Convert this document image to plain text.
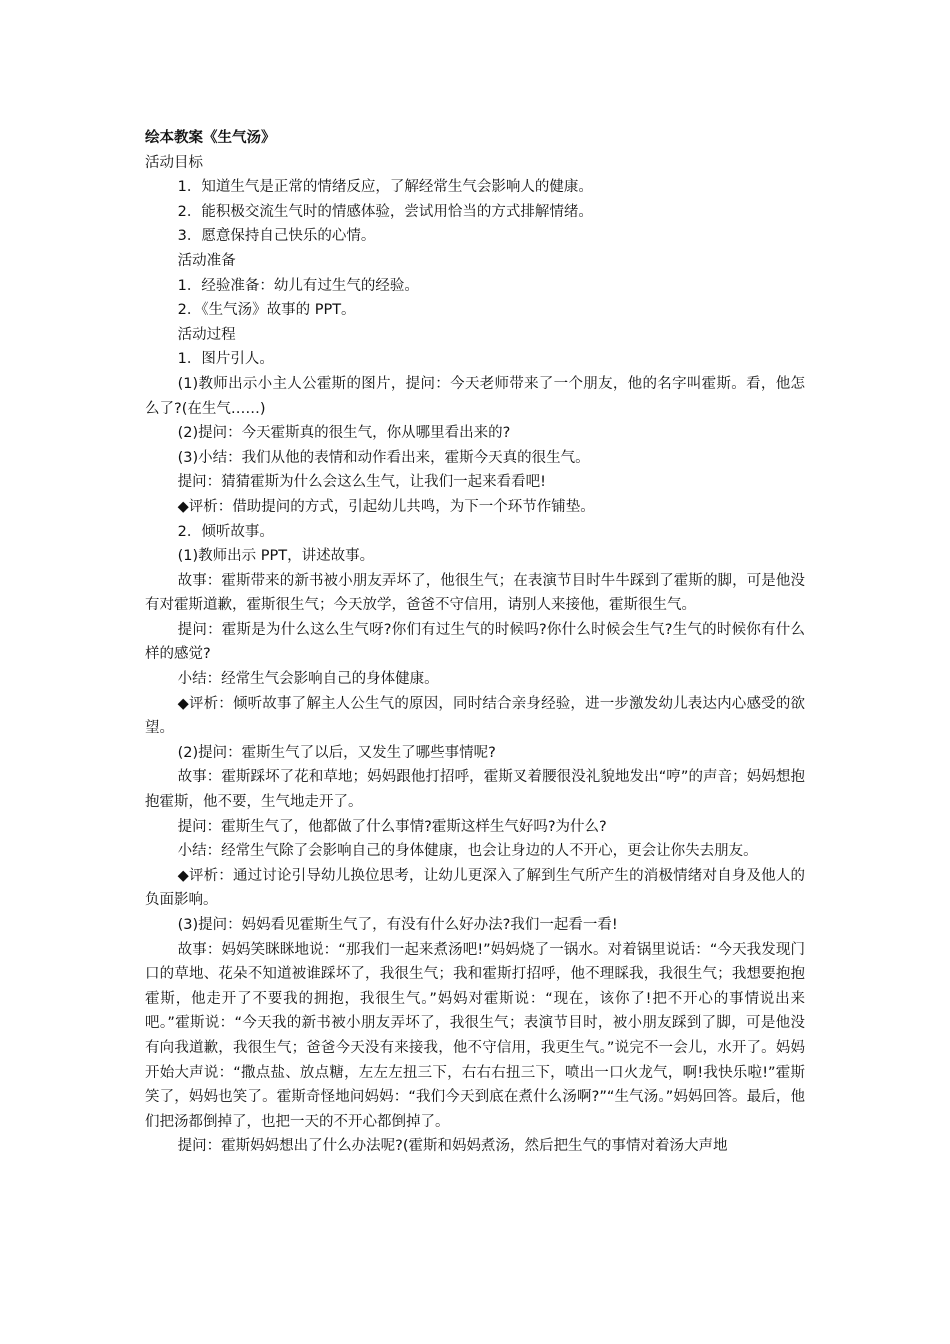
绘本教案《生气汤》

活动目标

1．知道生气是正常的情绪反应，了解经常生气会影响人的健康。

2．能积极交流生气时的情感体验，尝试用恰当的方式排解情绪。

3．愿意保持自己快乐的心情。

活动准备

1．经验准备：幼儿有过生气的经验。

2．《生气汤》故事的 PPT。

活动过程

1．图片引人。

(1)教师出示小主人公霍斯的图片，提问：今天老师带来了一个朋友，他的名字叫霍斯。看，他怎么了?(在生气……)

(2)提问：今天霍斯真的很生气，你从哪里看出来的?

(3)小结：我们从他的表情和动作看出来，霍斯今天真的很生气。

提问：猜猜霍斯为什么会这么生气，让我们一起来看看吧!

◆评析：借助提问的方式，引起幼儿共鸣，为下一个环节作铺垫。

2．倾听故事。

(1)教师出示 PPT，讲述故事。

故事：霍斯带来的新书被小朋友弄坏了，他很生气；在表演节目时牛牛踩到了霍斯的脚，可是他没有对霍斯道歉，霍斯很生气；今天放学，爸爸不守信用，请别人来接他，霍斯很生气。

提问：霍斯是为什么这么生气呀?你们有过生气的时候吗?你什么时候会生气?生气的时候你有什么样的感觉?

小结：经常生气会影响自己的身体健康。

◆评析：倾听故事了解主人公生气的原因，同时结合亲身经验，进一步激发幼儿表达内心感受的欲望。

(2)提问：霍斯生气了以后，又发生了哪些事情呢?

故事：霍斯踩坏了花和草地；妈妈跟他打招呼，霍斯叉着腰很没礼貌地发出“哼”的声音；妈妈想抱抱霍斯，他不要，生气地走开了。

提问：霍斯生气了，他都做了什么事情?霍斯这样生气好吗?为什么?

小结：经常生气除了会影响自己的身体健康，也会让身边的人不开心，更会让你失去朋友。

◆评析：通过讨论引导幼儿换位思考，让幼儿更深入了解到生气所产生的消极情绪对自身及他人的负面影响。

(3)提问：妈妈看见霍斯生气了，有没有什么好办法?我们一起看一看!

故事：妈妈笑眯眯地说：“那我们一起来煮汤吧!”妈妈烧了一锅水。对着锅里说话：“今天我发现门口的草地、花朵不知道被谁踩坏了，我很生气；我和霍斯打招呼，他不理睬我，我很生气；我想要抱抱霍斯，他走开了不要我的拥抱，我很生气。”妈妈对霍斯说：“现在，该你了!把不开心的事情说出来吧。”霍斯说：“今天我的新书被小朋友弄坏了，我很生气；表演节目时，被小朋友踩到了脚，可是他没有向我道歉，我很生气；爸爸今天没有来接我，他不守信用，我更生气。”说完不一会儿，水开了。妈妈开始大声说：“撒点盐、放点糖，左左左扭三下，右右右扭三下，喷出一口火龙气，啊!我快乐啦!”霍斯笑了，妈妈也笑了。霍斯奇怪地问妈妈：“我们今天到底在煮什么汤啊?”“生气汤。”妈妈回答。最后，他们把汤都倒掉了，也把一天的不开心都倒掉了。

提问：霍斯妈妈想出了什么办法呢?(霍斯和妈妈煮汤，然后把生气的事情对着汤大声地
